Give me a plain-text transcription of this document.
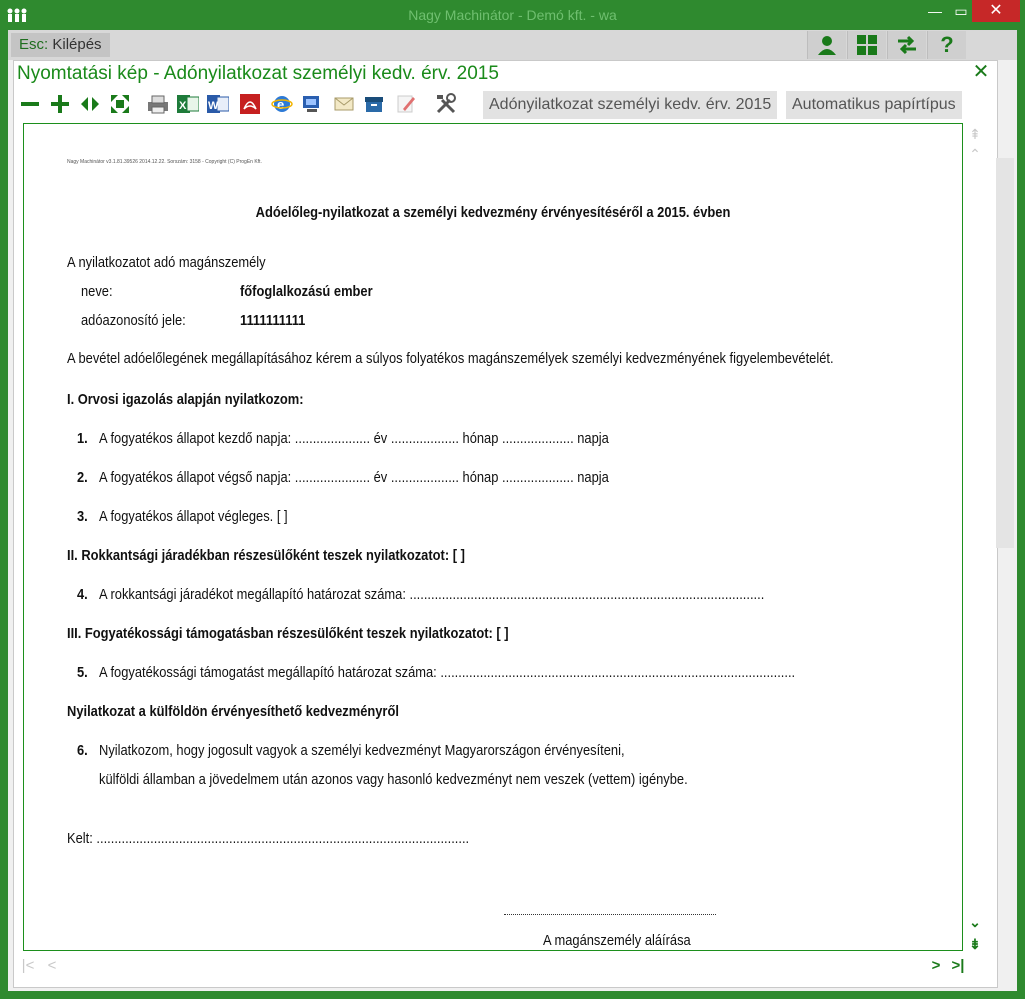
Nagy Machinátor - Demó kft. - wa	— ▭	✕
Esc: Kilépés	?
Nyomtatási kép - Adónyilatkozat személyi kedv. érv. 2015	✕
X W	e	Adónyilatkozat személyi kedv. érv. 2015	Automatikus papírtípus
Nagy Machinátor v3.1.81.39526 2014.12.22. Sorszám: 3158 - Copyright (C) ProgEn Kft.
Adóelőleg-nyilatkozat a személyi kedvezmény érvényesítéséről a 2015. évben
A nyilatkozatot adó magánszemély
neve:	főfoglalkozású ember
adóazonosító jele:	1111111111
A bevétel adóelőlegének megállapításához kérem a súlyos folyatékos magánszemélyek személyi kedvezményének figyelembevételét.
I. Orvosi igazolás alapján nyilatkozom:
1. A fogyatékos állapot kezdő napja: ..................... év ................... hónap .................... napja
2. A fogyatékos állapot végső napja: ..................... év ................... hónap .................... napja
3. A fogyatékos állapot végleges. [ ]
II. Rokkantsági járadékban részesülőként teszek nyilatkozatot: [ ]
4. A rokkantsági járadékot megállapító határozat száma: ...................................................................................................
III. Fogyatékossági támogatásban részesülőként teszek nyilatkozatot: [ ]
5. A fogyatékossági támogatást megállapító határozat száma: ...................................................................................................
Nyilatkozat a külföldön érvényesíthető kedvezményről
6. Nyilatkozom, hogy jogosult vagyok a személyi kedvezményt Magyarországon érvényesíteni,
külföldi államban a jövedelmem után azonos vagy hasonló kedvezményt nem veszek (vettem) igénybe.
Kelt: ........................................................................................................
A magánszemély aláírása
⇞
⌃
⌄
⇟
|< <	> >|
